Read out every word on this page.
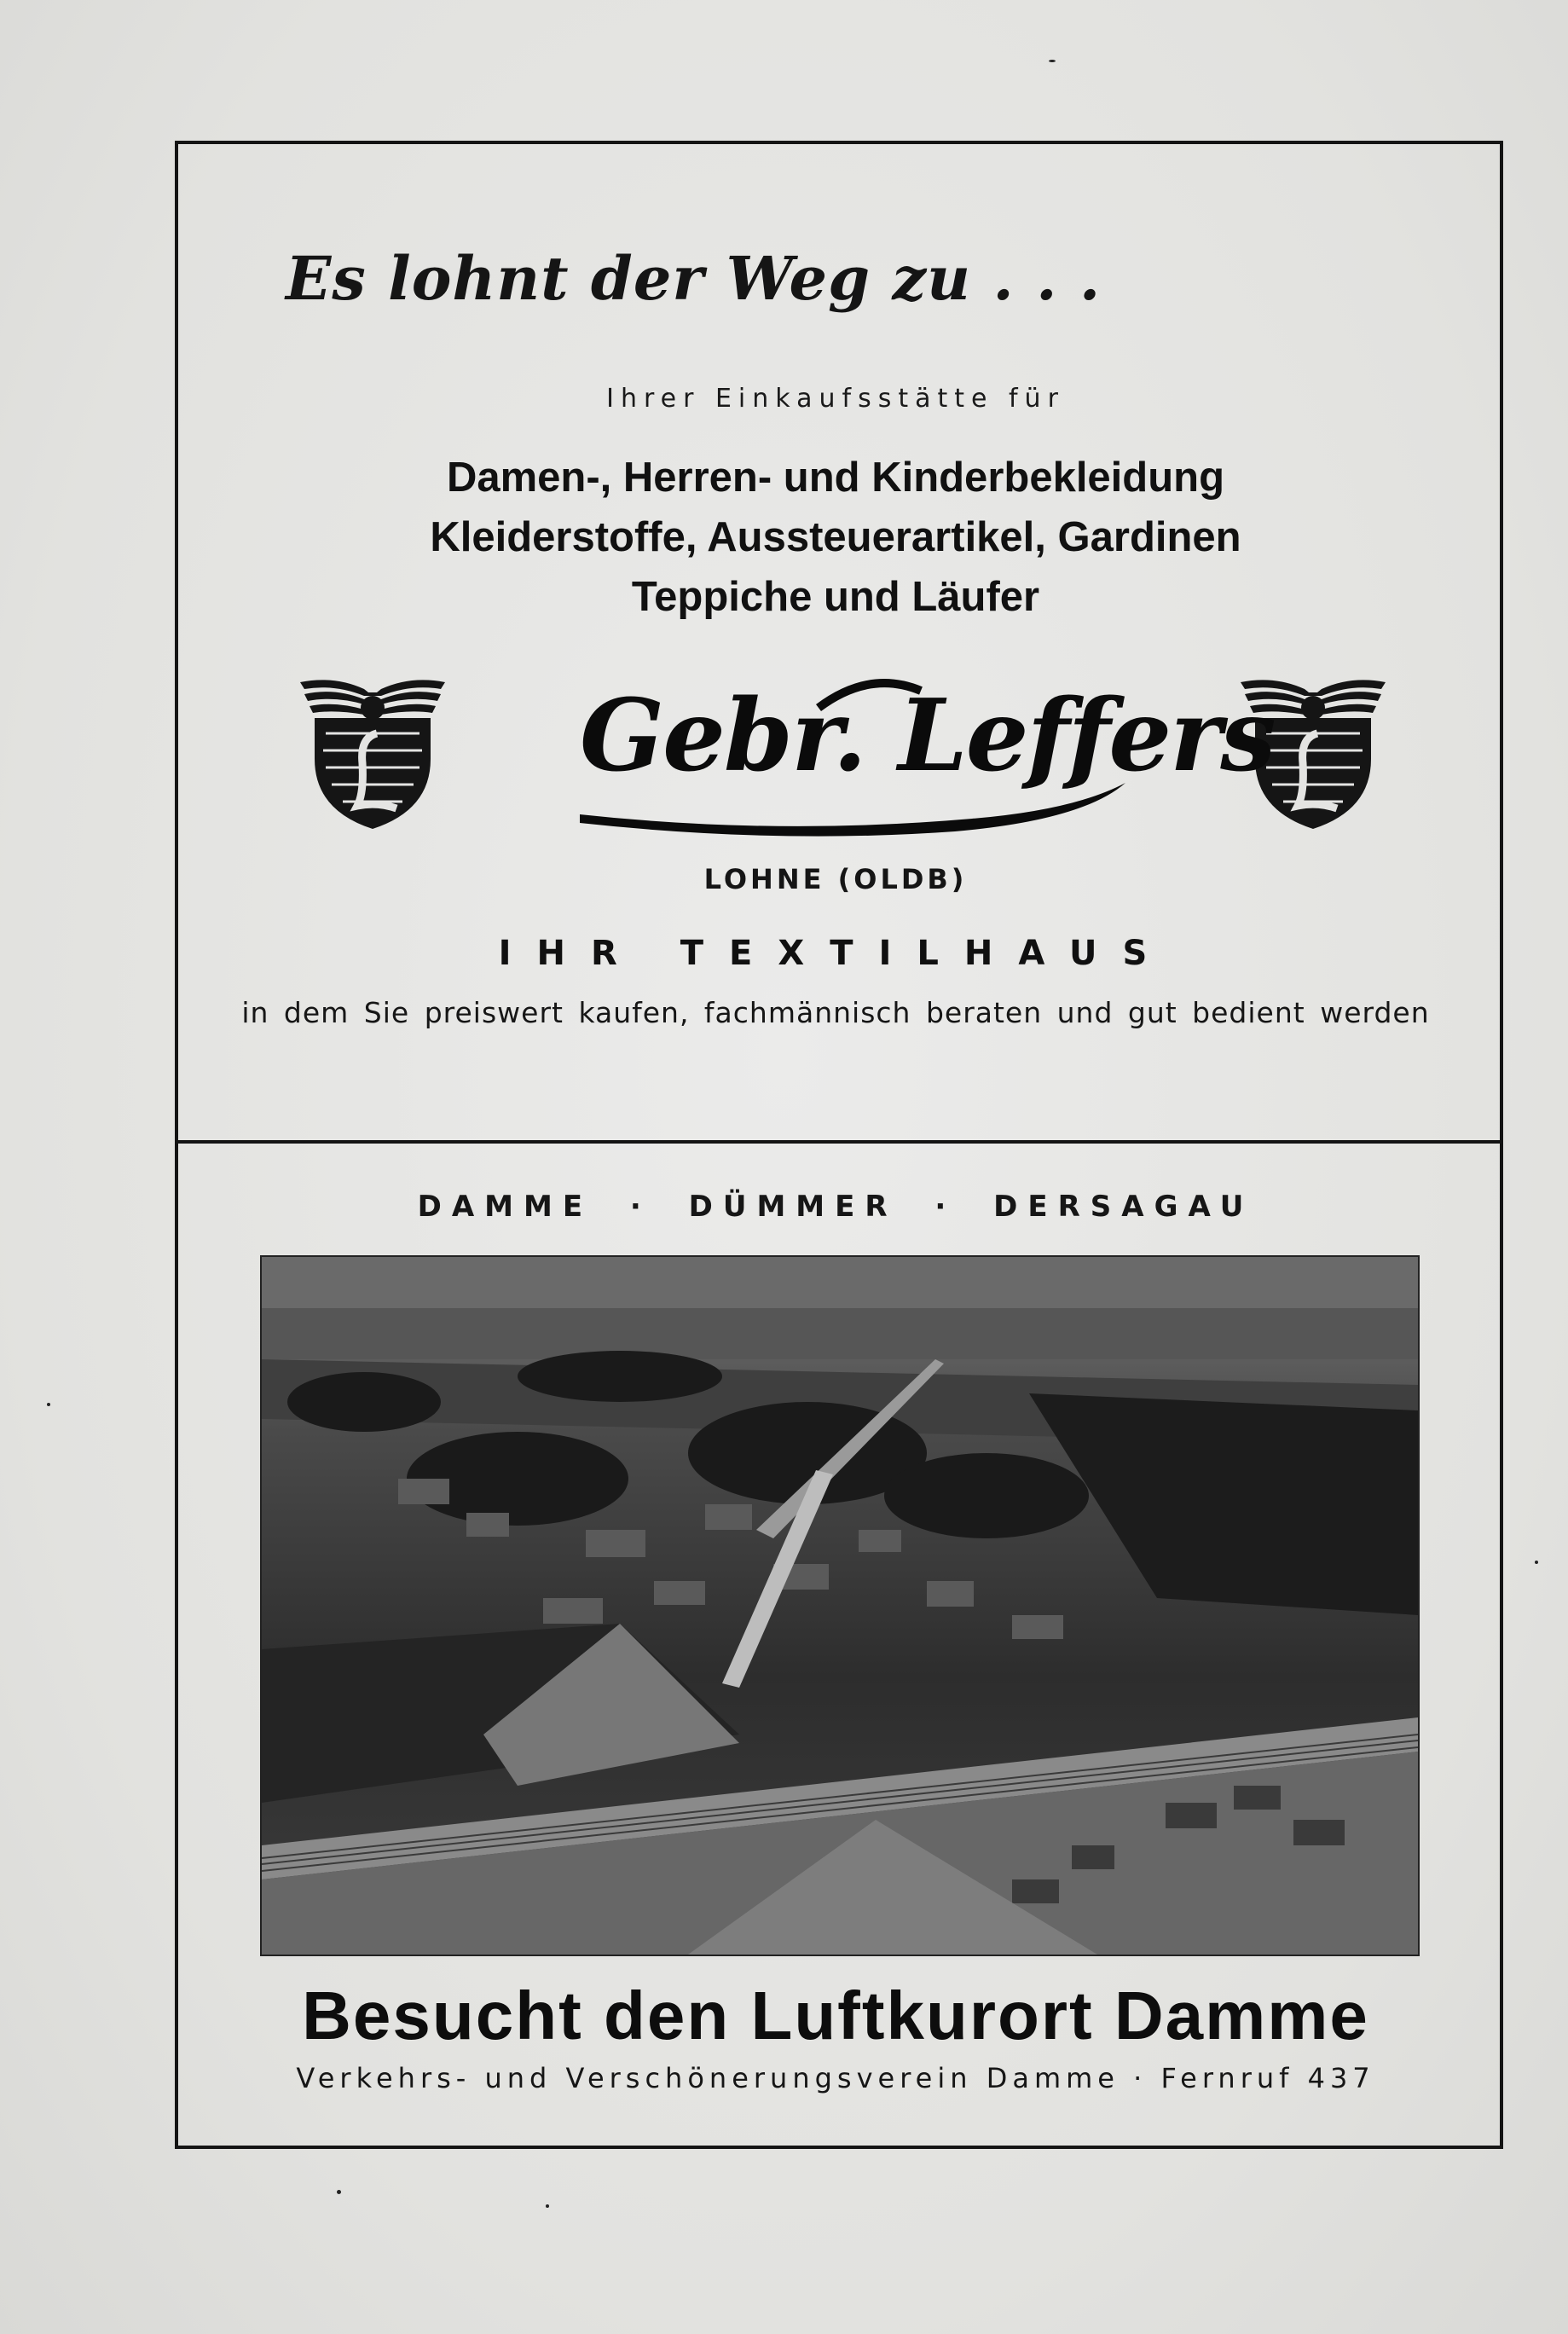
Es lohnt der Weg zu . . .
Ihrer Einkaufsstätte für
Damen-, Herren- und Kinderbekleidung
Kleiderstoffe, Aussteuerartikel, Gardinen
Teppiche und Läufer
Gebr. Leffers
LOHNE (OLDB)
IHR TEXTILHAUS
in dem Sie preiswert kaufen, fachmännisch beraten und gut bedient werden
DAMME · DÜMMER · DERSAGAU
Besucht den Luftkurort Damme
Verkehrs- und Verschönerungsverein Damme · Fernruf 437
